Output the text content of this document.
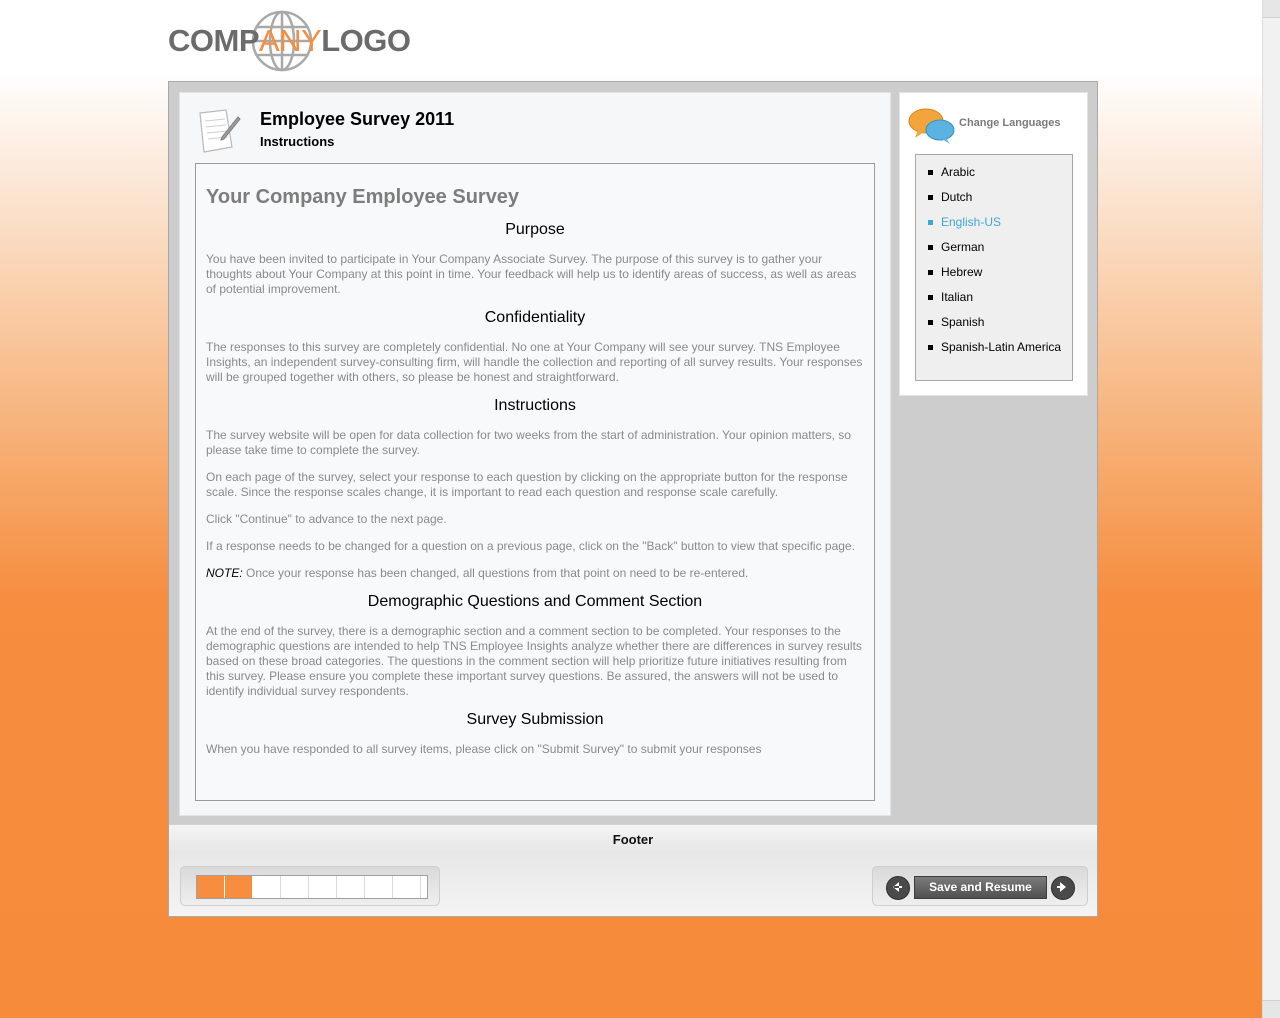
COMPANYLOGO
Employee Survey 2011
Instructions
Your Company Employee Survey
Purpose

You have been invited to participate in Your Company Associate Survey. The purpose of this survey is to gather your thoughts about Your Company at this point in time. Your feedback will help us to identify areas of success, as well as areas of potential improvement.

Confidentiality

The responses to this survey are completely confidential. No one at Your Company will see your survey. TNS Employee Insights, an independent survey-consulting firm, will handle the collection and reporting of all survey results. Your responses will be grouped together with others, so please be honest and straightforward.

Instructions

The survey website will be open for data collection for two weeks from the start of administration. Your opinion matters, so please take time to complete the survey.

On each page of the survey, select your response to each question by clicking on the appropriate button for the response scale. Since the response scales change, it is important to read each question and response scale carefully.

Click "Continue" to advance to the next page.

If a response needs to be changed for a question on a previous page, click on the "Back" button to view that specific page.

NOTE: Once your response has been changed, all questions from that point on need to be re-entered.

Demographic Questions and Comment Section

At the end of the survey, there is a demographic section and a comment section to be completed. Your responses to the demographic questions are intended to help TNS Employee Insights analyze whether there are differences in survey results based on these broad categories. The questions in the comment section will help prioritize future initiatives resulting from this survey. Please ensure you complete these important survey questions. Be assured, the answers will not be used to identify individual survey respondents.

Survey Submission

When you have responded to all survey items, please click on "Submit Survey" to submit your responses

Change Languages
Arabic
Dutch
English-US
German
Hebrew
Italian
Spanish
Spanish-Latin America
Footer
Save and Resume
